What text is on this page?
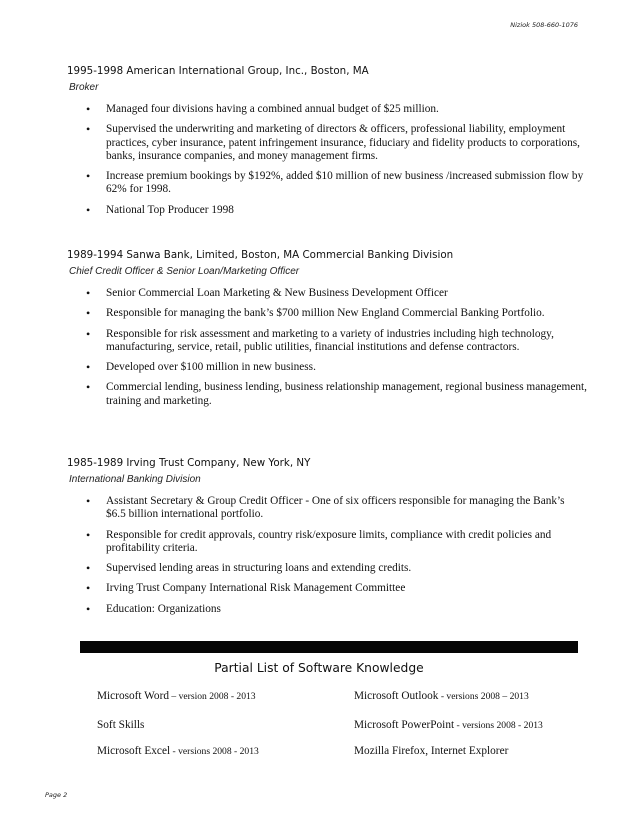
Niziok 508-660-1076
1995-1998 American International Group, Inc., Boston, MA
Broker
• Managed four divisions having a combined annual budget of $25 million.
• Supervised the underwriting and marketing of directors & officers, professional liability, employment practices, cyber insurance, patent infringement insurance, fiduciary and fidelity products to corporations, banks, insurance companies, and money management firms.
• Increase premium bookings by $192%, added $10 million of new business /increased submission flow by 62% for 1998.
• National Top Producer 1998
1989-1994 Sanwa Bank, Limited, Boston, MA Commercial Banking Division
Chief Credit Officer & Senior Loan/Marketing Officer
• Senior Commercial Loan Marketing & New Business Development Officer
• Responsible for managing the bank’s $700 million New England Commercial Banking Portfolio.
• Responsible for risk assessment and marketing to a variety of industries including high technology, manufacturing, service, retail, public utilities, financial institutions and defense contractors.
• Developed over $100 million in new business.
• Commercial lending, business lending, business relationship management, regional business management, training and marketing.
1985-1989 Irving Trust Company, New York, NY
International Banking Division
• Assistant Secretary & Group Credit Officer - One of six officers responsible for managing the Bank’s $6.5 billion international portfolio.
• Responsible for credit approvals, country risk/exposure limits, compliance with credit policies and profitability criteria.
• Supervised lending areas in structuring loans and extending credits.
• Irving Trust Company International Risk Management Committee
• Education: Organizations
Partial List of Software Knowledge
Microsoft Word – version 2008 - 2013
Soft Skills
Microsoft Excel - versions 2008 - 2013
Microsoft Outlook - versions 2008 – 2013
Microsoft PowerPoint - versions 2008 - 2013
Mozilla Firefox, Internet Explorer
Page 2
